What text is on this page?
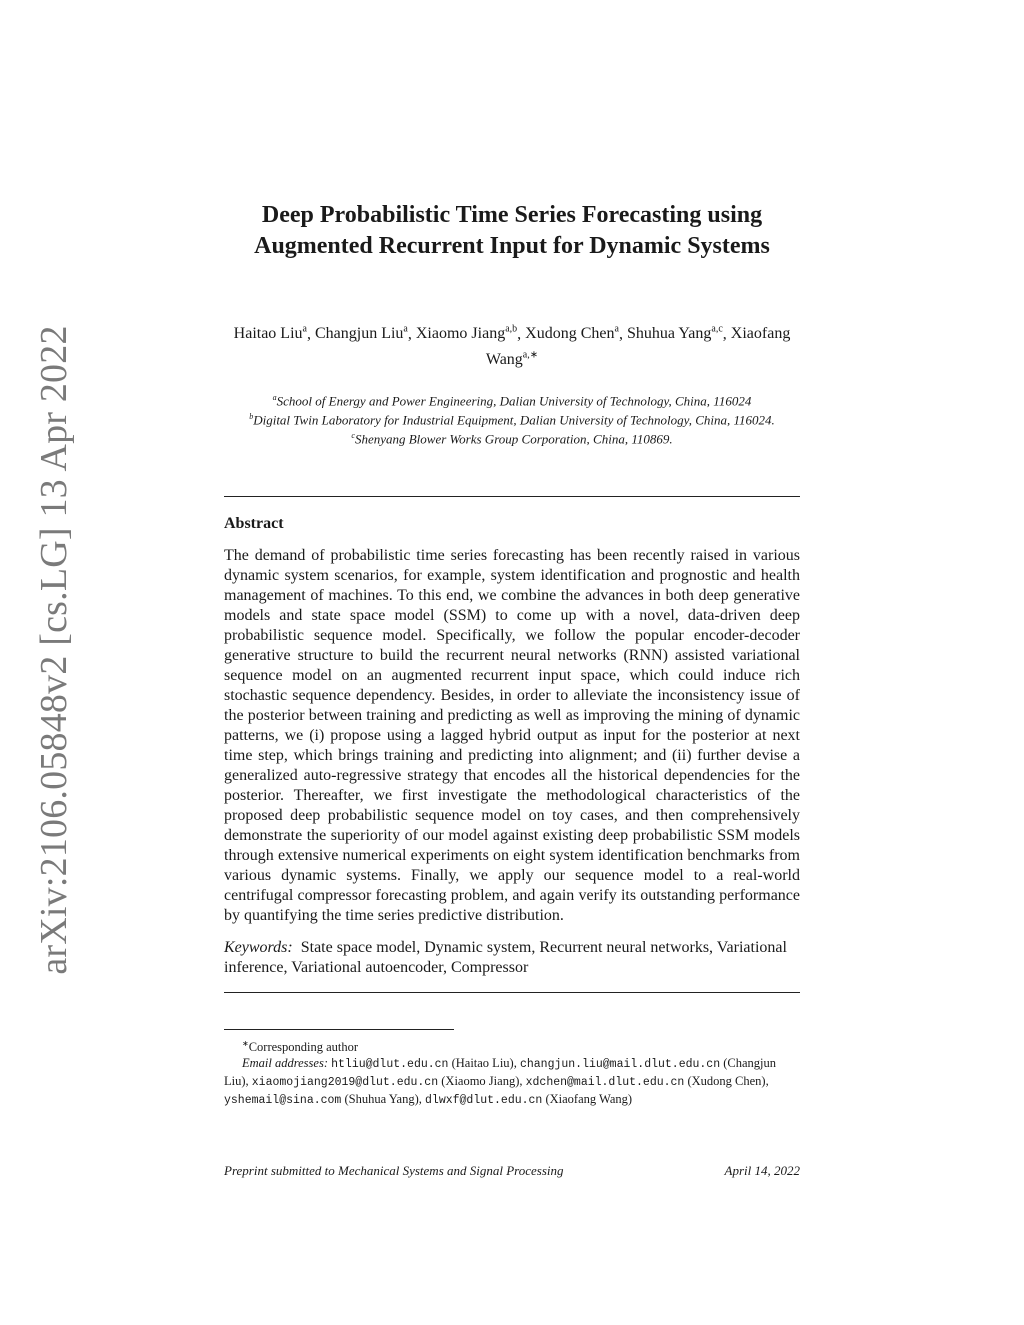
arXiv:2106.05848v2 [cs.LG] 13 Apr 2022
Deep Probabilistic Time Series Forecasting using
Augmented Recurrent Input for Dynamic Systems
Haitao Liu$^a$, Changjun Liu$^a$, Xiaomo Jiang$^{a,b}$, Xudong Chen$^a$, Shuhua Yang$^{a,c}$, Xiaofang Wang$^{a,∗}$
$^a$School of Energy and Power Engineering, Dalian University of Technology, China, 116024
$^b$Digital Twin Laboratory for Industrial Equipment, Dalian University of Technology, China, 116024.
$^c$Shenyang Blower Works Group Corporation, China, 110869.
Abstract
The demand of probabilistic time series forecasting has been recently raised in various dynamic system scenarios, for example, system identification and prognostic and health management of machines. To this end, we combine the advances in both deep generative models and state space model (SSM) to come up with a novel, data-driven deep probabilistic sequence model. Specifically, we follow the popular encoder-decoder generative structure to build the recurrent neural networks (RNN) assisted variational sequence model on an augmented recurrent input space, which could induce rich stochastic sequence dependency. Besides, in order to alleviate the inconsistency issue of the posterior between training and predicting as well as improving the mining of dynamic patterns, we (i) propose using a lagged hybrid output as input for the posterior at next time step, which brings training and predicting into alignment; and (ii) further devise a generalized auto-regressive strategy that encodes all the historical dependencies for the posterior. Thereafter, we first investigate the methodological characteristics of the proposed deep probabilistic sequence model on toy cases, and then comprehensively demonstrate the superiority of our model against existing deep probabilistic SSM models through extensive numerical experiments on eight system identification benchmarks from various dynamic systems. Finally, we apply our sequence model to a real-world centrifugal compressor forecasting problem, and again verify its outstanding performance by quantifying the time series predictive distribution.
Keywords: State space model, Dynamic system, Recurrent neural networks, Variational inference, Variational autoencoder, Compressor
∗Corresponding author
Email addresses: htliu@dlut.edu.cn (Haitao Liu), changjun.liu@mail.dlut.edu.cn (Changjun Liu), xiaomojiang2019@dlut.edu.cn (Xiaomo Jiang), xdchen@mail.dlut.edu.cn (Xudong Chen), yshemail@sina.com (Shuhua Yang), dlwxf@dlut.edu.cn (Xiaofang Wang)
Preprint submitted to Mechanical Systems and Signal Processing	April 14, 2022
